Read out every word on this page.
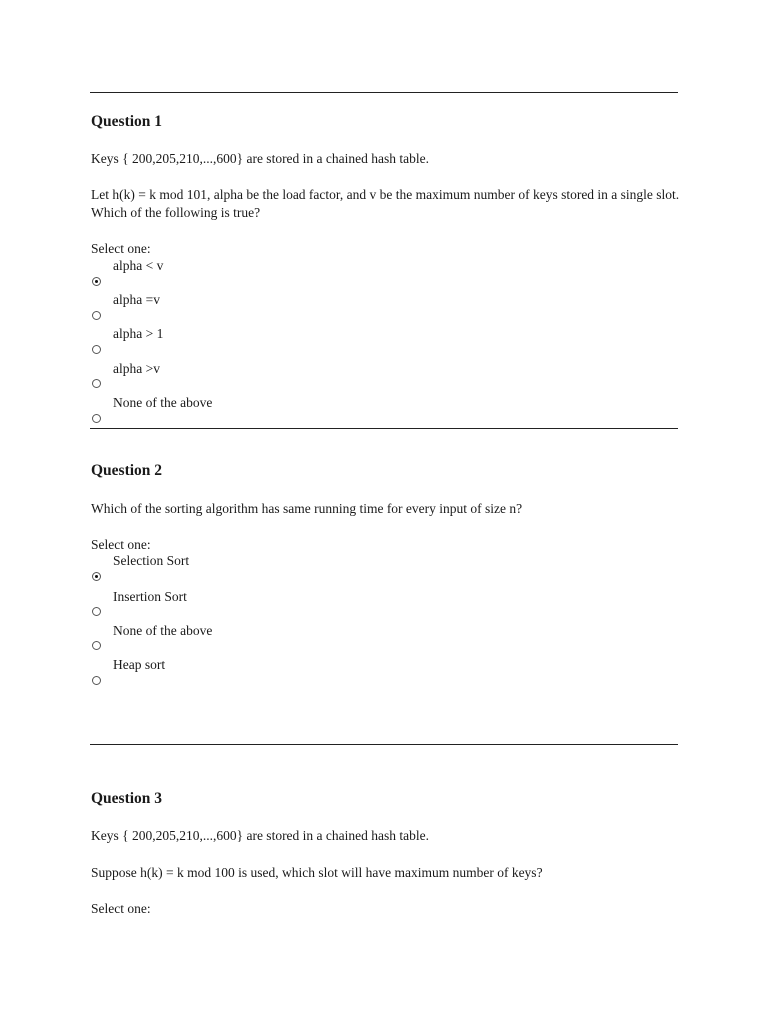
Question 1
Keys { 200,205,210,...,600} are stored in a chained hash table.
Let h(k) = k mod 101, alpha be the load factor, and v be the maximum number of keys stored in a single slot. Which of the following is true?
Select one:
alpha < v
alpha =v
alpha > 1
alpha >v
None of the above
Question 2
Which of the sorting algorithm has same running time for every input of size n?
Select one:
Selection Sort
Insertion Sort
None of the above
Heap sort
Question 3
Keys { 200,205,210,...,600} are stored in a chained hash table.
Suppose h(k) = k mod 100 is used, which slot will have maximum number of keys?
Select one:
